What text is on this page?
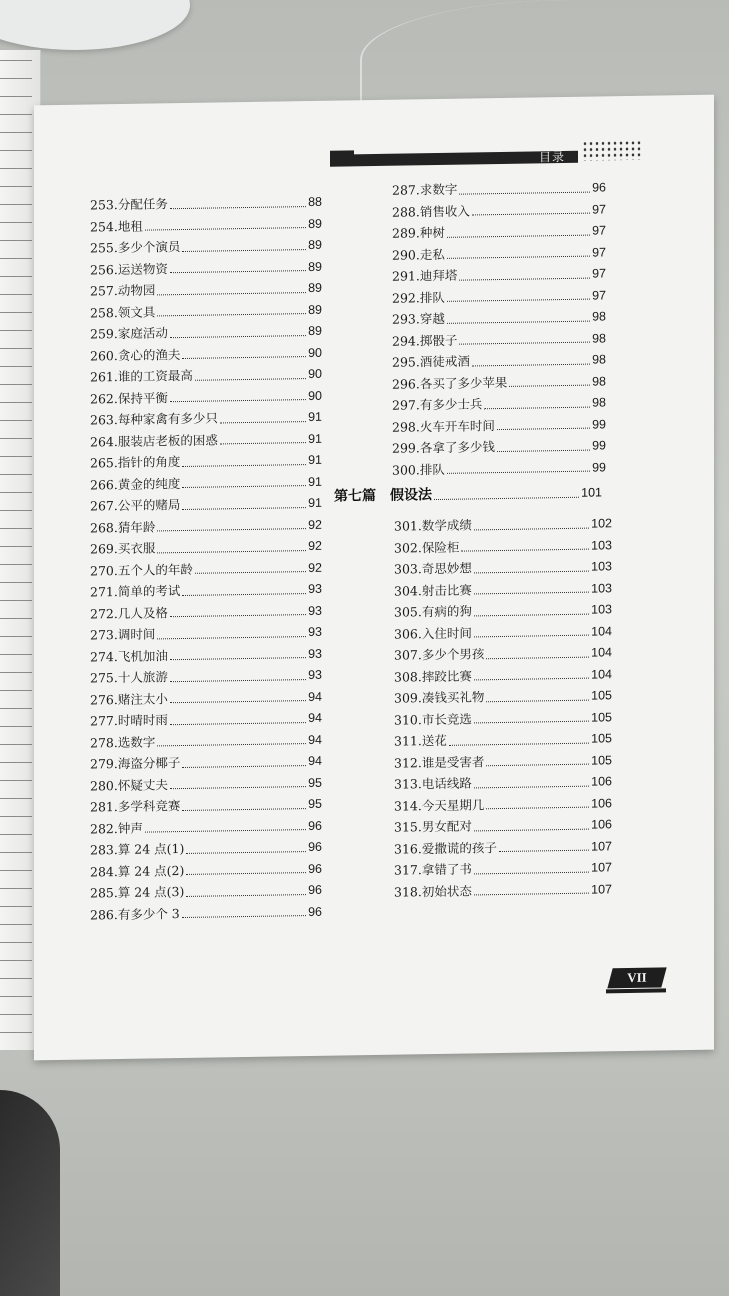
目录
253.分配任务	88
254.地租	89
255.多少个演员	89
256.运送物资	89
257.动物园	89
258.领文具	89
259.家庭活动	89
260.贪心的渔夫	90
261.谁的工资最高	90
262.保持平衡	90
263.每种家禽有多少只	91
264.服装店老板的困惑	91
265.指针的角度	91
266.黄金的纯度	91
267.公平的赌局	91
268.猜年龄	92
269.买衣服	92
270.五个人的年龄	92
271.简单的考试	93
272.几人及格	93
273.调时间	93
274.飞机加油	93
275.十人旅游	93
276.赌注太小	94
277.时晴时雨	94
278.选数字	94
279.海盗分椰子	94
280.怀疑丈夫	95
281.多学科竞赛	95
282.钟声	96
283.算 24 点(1)	96
284.算 24 点(2)	96
285.算 24 点(3)	96
286.有多少个 3	96
287.求数字	96
288.销售收入	97
289.种树	97
290.走私	97
291.迪拜塔	97
292.排队	97
293.穿越	98
294.掷骰子	98
295.酒徒戒酒	98
296.各买了多少苹果	98
297.有多少士兵	98
298.火车开车时间	99
299.各拿了多少钱	99
300.排队	99
第七篇 假设法	101
301.数学成绩	102
302.保险柜	103
303.奇思妙想	103
304.射击比赛	103
305.有病的狗	103
306.入住时间	104
307.多少个男孩	104
308.摔跤比赛	104
309.凑钱买礼物	105
310.市长竞选	105
311.送花	105
312.谁是受害者	105
313.电话线路	106
314.今天星期几	106
315.男女配对	106
316.爱撒谎的孩子	107
317.拿错了书	107
318.初始状态	107
VII
